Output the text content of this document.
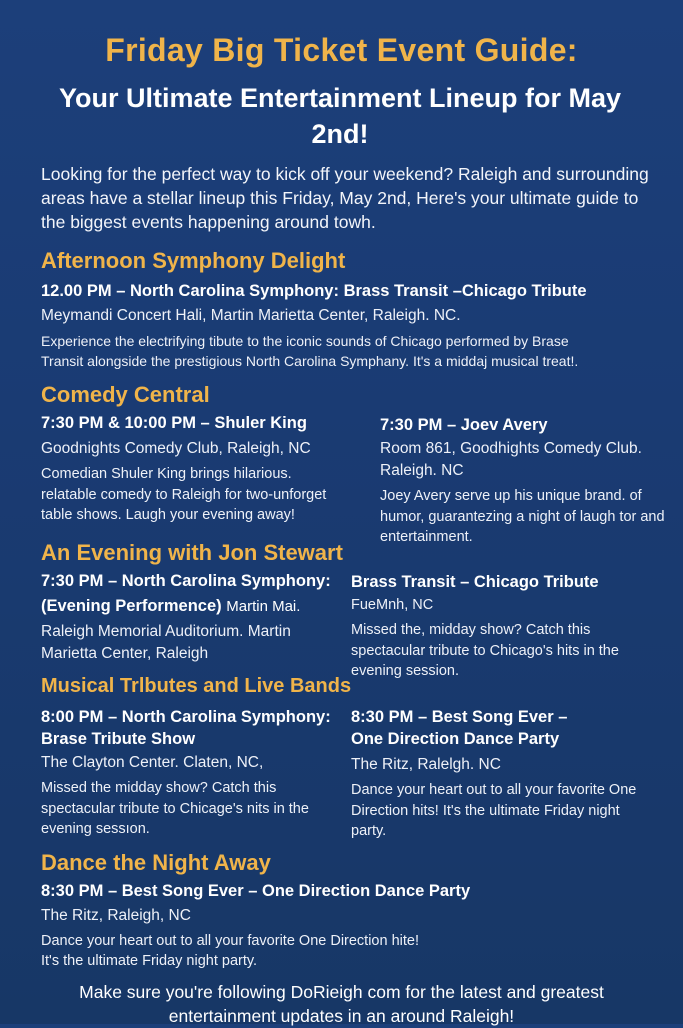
Friday Big Ticket Event Guide:
Your Ultimate Entertainment Lineup for May 2nd!
Looking for the perfect way to kick off your weekend? Raleigh and surrounding areas have a stellar lineup this Friday, May 2nd, Here's your ultimate guide to the biggest events happening around towh.
Afternoon Symphony Delight
12.00 PM – North Carolina Symphony: Brass Transit –Chicago Tribute
Meymandi Concert Hali, Martin Marietta Center, Raleigh. NC.
Experience the electrifying tibute to the iconic sounds of Chicago performed by Brase
Transit alongside the prestigious North Carolina Symphany. It's a middaj musical treat!.
Comedy Central
7:30 PM & 10:00 PM – Shuler King
Goodnights Comedy Club, Raleigh, NC
Comedian Shuler King brings hilarious. relatable comedy to Raleigh for two-unforget table shows. Laugh your evening away!
7:30 PM – Joev Avery
Room 861, Goodhights Comedy Club. Raleigh. NC
Joey Avery serve up his unique brand. of humor, guarantezing a night of laugh tor and entertainment.
An Evening with Jon Stewart
7:30 PM – North Carolina Symphony:
(Evening Performence) Martin Mai.
Raleigh Memorial Auditorium. Martin Marietta Center, Raleigh
Brass Transit – Chicago Tribute
FueMnh, NC
Missed the, midday show? Catch this spectacular tribute to Chicago's hits in the evening session.
Musical Trlbutes and Live Bands
8:00 PM – North Carolina Symphony: Brase Tribute Show
The Clayton Center. Claten, NC,
Missed the midday show? Catch this spectacular tribute to Chicage's nits in the evening sessıon.
8:30 PM – Best Song Ever – One Direction Dance Party
The Ritz, Ralelgh. NC
Dance your heart out to all your favorite One Direction hits! It's the ultimate Friday night party.
Dance the Night Away
8:30 PM – Best Song Ever – One Direction Dance Party
The Ritz, Raleigh, NC
Dance your heart out to all your favorite One Direction hite!
It's the ultimate Friday night party.
Make sure you're following DoRieigh com for the latest and greatest entertainment updates in an around Raleigh!
